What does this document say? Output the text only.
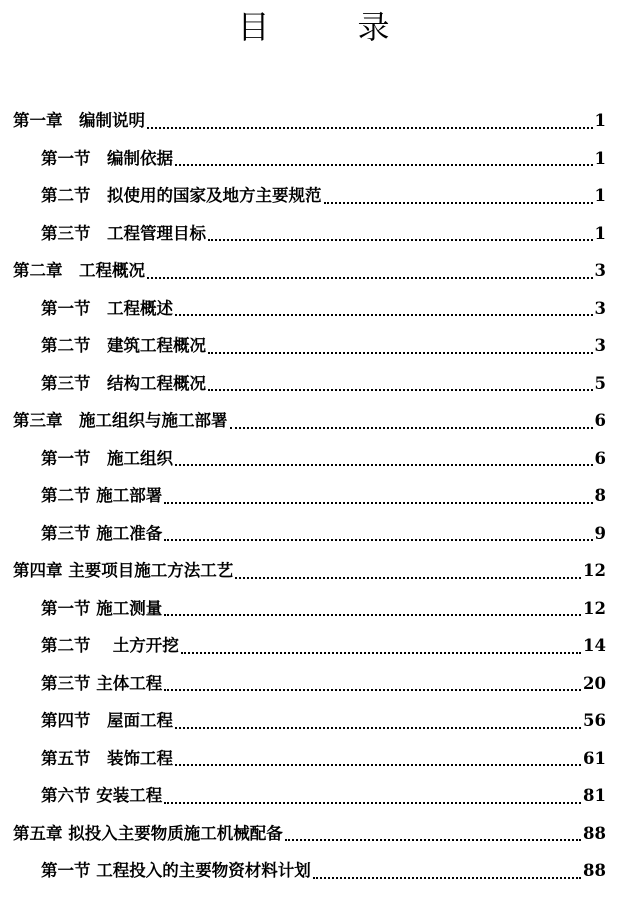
目　录
第一章　编制说明	1
第一节　编制依据	1
第二节　拟使用的国家及地方主要规范	1
第三节　工程管理目标	1
第二章　工程概况	3
第一节　工程概述	3
第二节　建筑工程概况	3
第三节　结构工程概况	5
第三章　施工组织与施工部署	6
第一节　施工组织	6
第二节 施工部署	8
第三节 施工准备	9
第四章 主要项目施工方法工艺	12
第一节 施工测量	12
第二节　 土方开挖	14
第三节 主体工程	20
第四节　屋面工程	56
第五节　装饰工程	61
第六节 安装工程	81
第五章 拟投入主要物质施工机械配备	88
第一节 工程投入的主要物资材料计划	88
